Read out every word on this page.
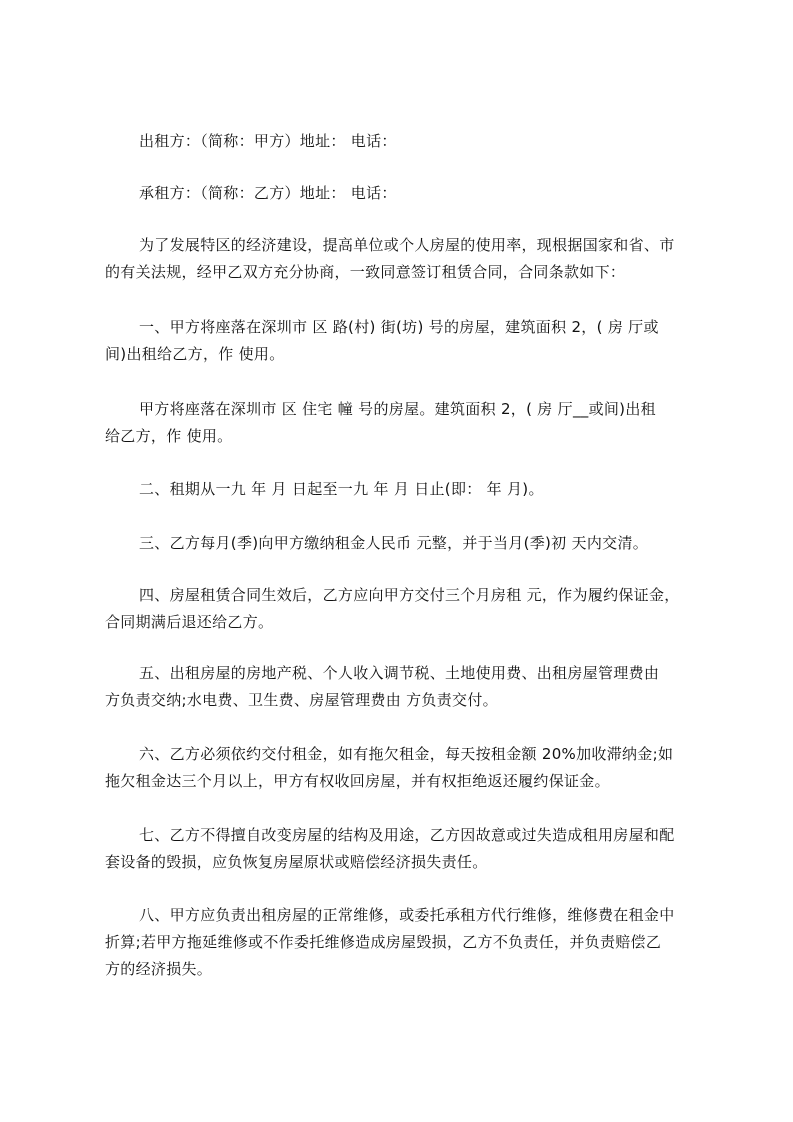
出租方：（简称：甲方）地址： 电话：

承租方：（简称：乙方）地址： 电话：

为了发展特区的经济建设，提高单位或个人房屋的使用率，现根据国家和省、市
的有关法规，经甲乙双方充分协商，一致同意签订租赁合同，合同条款如下：

一、甲方将座落在深圳市 区 路(村) 街(坊) 号的房屋，建筑面积 2，( 房 厅或
间)出租给乙方，作 使用。

甲方将座落在深圳市 区 住宅 幢 号的房屋。建筑面积 2，( 房 厅__或间)出租
给乙方，作 使用。

二、租期从一九 年 月 日起至一九 年 月 日止(即： 年 月)。

三、乙方每月(季)向甲方缴纳租金人民币 元整，并于当月(季)初 天内交清。

四、房屋租赁合同生效后，乙方应向甲方交付三个月房租 元，作为履约保证金，
合同期满后退还给乙方。

五、出租房屋的房地产税、个人收入调节税、土地使用费、出租房屋管理费由
方负责交纳;水电费、卫生费、房屋管理费由 方负责交付。

六、乙方必须依约交付租金，如有拖欠租金，每天按租金额 20%加收滞纳金;如
拖欠租金达三个月以上，甲方有权收回房屋，并有权拒绝返还履约保证金。

七、乙方不得擅自改变房屋的结构及用途，乙方因故意或过失造成租用房屋和配
套设备的毁损，应负恢复房屋原状或赔偿经济损失责任。

八、甲方应负责出租房屋的正常维修，或委托承租方代行维修，维修费在租金中
折算;若甲方拖延维修或不作委托维修造成房屋毁损，乙方不负责任，并负责赔偿乙
方的经济损失。
